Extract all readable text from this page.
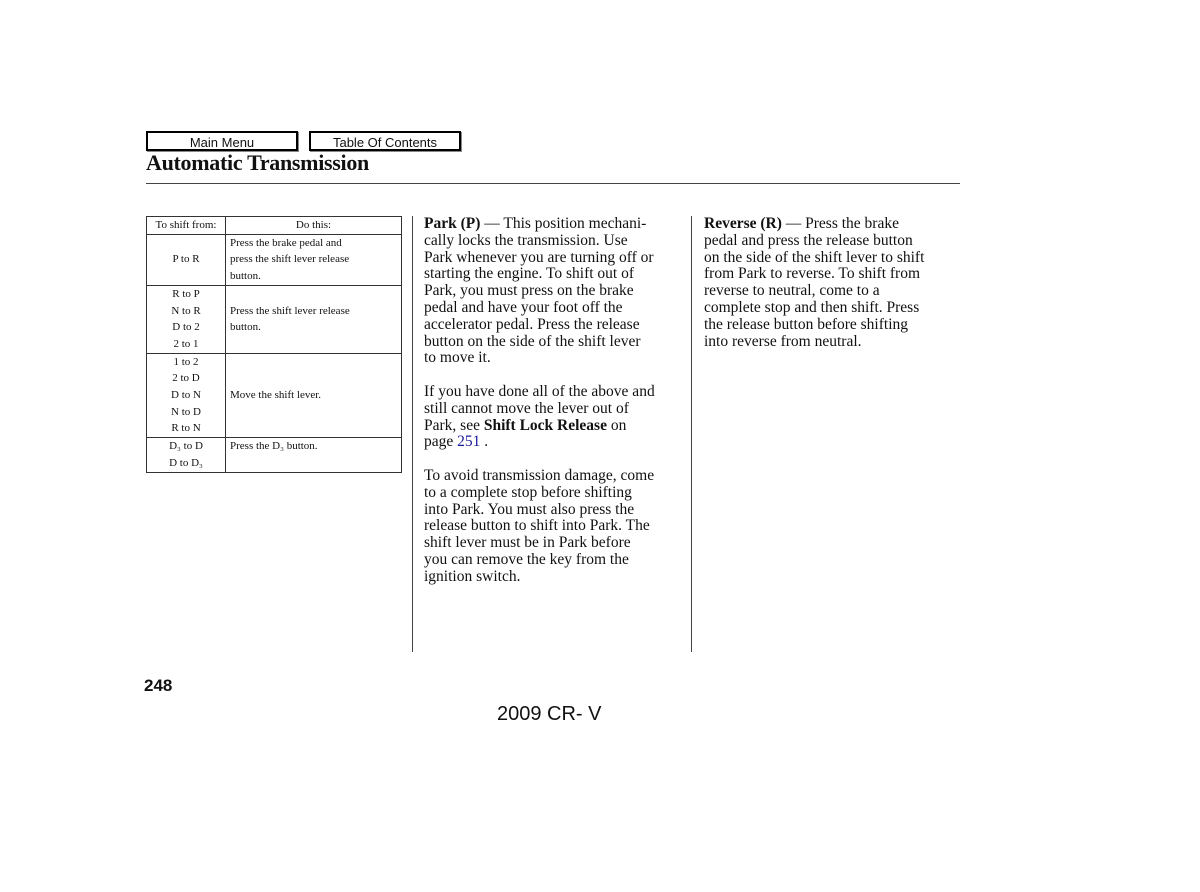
Main Menu	Table Of Contents
Automatic Transmission
To shift from:	Do this:

P to R	Press the brake pedal and
press the shift lever release
button.

R to P
N to R
D to 2
2 to 1	Press the shift lever release
button.

1 to 2
2 to D
D to N
N to D
R to N	Move the shift lever.

D₃ to D
D to D₃	Press the D₃ button.

Park (P) — This position mechani-
cally locks the transmission. Use
Park whenever you are turning off or
starting the engine. To shift out of
Park, you must press on the brake
pedal and have your foot off the
accelerator pedal. Press the release
button on the side of the shift lever
to move it.

If you have done all of the above and
still cannot move the lever out of
Park, see Shift Lock Release on
page 251 .

To avoid transmission damage, come
to a complete stop before shifting
into Park. You must also press the
release button to shift into Park. The
shift lever must be in Park before
you can remove the key from the
ignition switch.

Reverse (R) — Press the brake
pedal and press the release button
on the side of the shift lever to shift
from Park to reverse. To shift from
reverse to neutral, come to a
complete stop and then shift. Press
the release button before shifting
into reverse from neutral.

248
2009 CR- V
